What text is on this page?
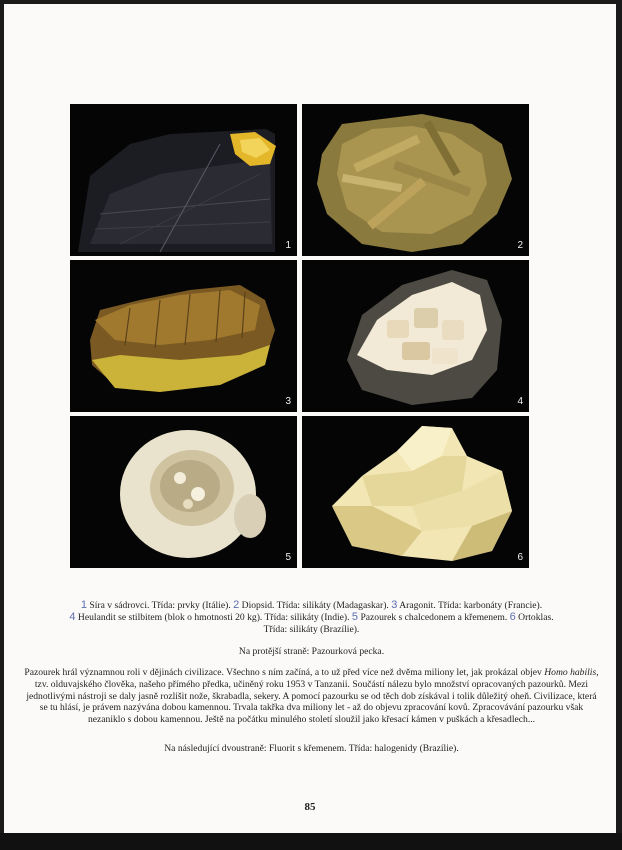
1	2
3	4
5	6
1 Síra v sádrovci. Třída: prvky (Itálie). 2 Diopsid. Třída: silikáty (Madagaskar). 3 Aragonit. Třída: karbonáty (Francie).
4 Heulandit se stilbitem (blok o hmotnosti 20 kg). Třída: silikáty (Indie). 5 Pazourek s chalcedonem a křemenem. 6 Ortoklas.
Třída: silikáty (Brazílie).
Na protější straně: Pazourková pecka.
Pazourek hrál významnou roli v dějinách civilizace. Všechno s ním začíná, a to už před více než dvěma miliony let, jak prokázal objev Homo habilis, tzv. olduvajského člověka, našeho přímého předka, učiněný roku 1953 v Tanzanii. Součástí nálezu bylo množství opracovaných pazourků. Mezi jednotlivými nástroji se daly jasně rozlišit nože, škrabadla, sekery. A pomocí pazourku se od těch dob získával i tolik důležitý oheň. Civilizace, která se tu hlásí, je právem nazývána dobou kamennou. Trvala takřka dva miliony let - až do objevu zpracování kovů. Zpracovávání pazourku však nezaniklo s dobou kamennou. Ještě na počátku minulého století sloužil jako křesací kámen v puškách a křesadlech...
Na následující dvoustraně: Fluorit s křemenem. Třída: halogenidy (Brazílie).
85
